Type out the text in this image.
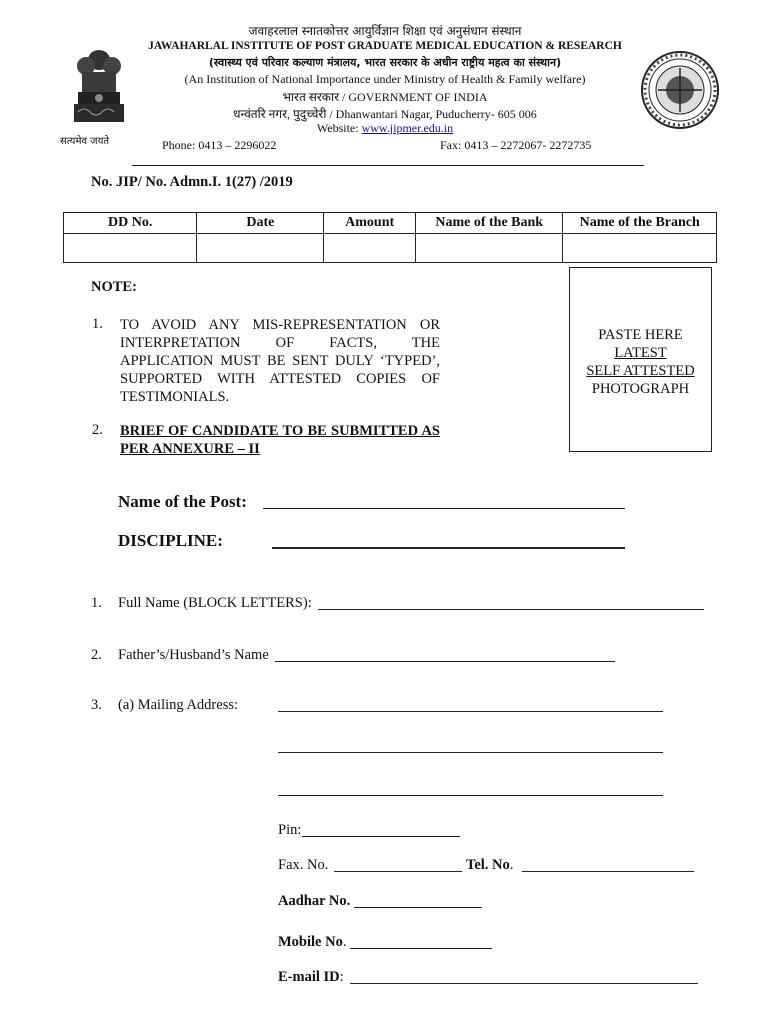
सत्यमेव जयते
जवाहरलाल स्नातकोत्तर आयुर्विज्ञान शिक्षा एवं अनुसंधान संस्थान
JAWAHARLAL INSTITUTE OF POST GRADUATE MEDICAL EDUCATION & RESEARCH
(स्वास्थ्य एवं परिवार कल्याण मंत्रालय, भारत सरकार के अधीन राष्ट्रीय महत्व का संस्थान)
(An Institution of National Importance under Ministry of Health & Family welfare)
भारत सरकार / GOVERNMENT OF INDIA
धन्वंतरि नगर, पुदुच्चेरी / Dhanwantari Nagar, Puducherry- 605 006
Website: www.jipmer.edu.in
Phone: 0413 – 2296022	Fax: 0413 – 2272067- 2272735
No. JIP/ No. Admn.I. 1(27) /2019
DD No.	Date	Amount	Name of the Bank	Name of the Branch

NOTE:
1. TO AVOID ANY MIS-REPRESENTATION OR INTERPRETATION OF FACTS, THE APPLICATION MUST BE SENT DULY ‘TYPED’, SUPPORTED WITH ATTESTED COPIES OF TESTIMONIALS.
2. BRIEF OF CANDIDATE TO BE SUBMITTED AS PER ANNEXURE – II
PASTE HERE
LATEST
SELF ATTESTED
PHOTOGRAPH
Name of the Post:
DISCIPLINE:
1. Full Name (BLOCK LETTERS):
2. Father’s/Husband’s Name
3. (a) Mailing Address:
Pin:
Fax. No.	Tel. No.
Aadhar No.
Mobile No.
E-mail ID:
